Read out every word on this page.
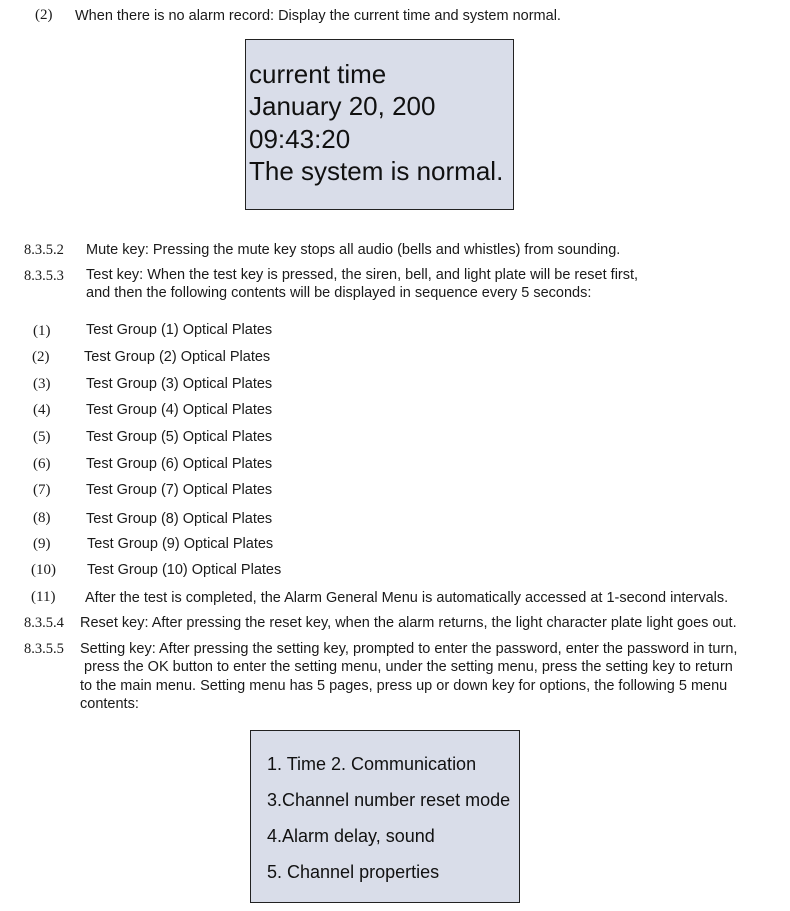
(2) When there is no alarm record: Display the current time and system normal.
current time
January 20, 200
09:43:20
The system is normal.
8.3.5.2 Mute key: Pressing the mute key stops all audio (bells and whistles) from sounding.
8.3.5.3 Test key: When the test key is pressed, the siren, bell, and light plate will be reset first,
and then the following contents will be displayed in sequence every 5 seconds:
(1) Test Group (1) Optical Plates
(2) Test Group (2) Optical Plates
(3) Test Group (3) Optical Plates
(4) Test Group (4) Optical Plates
(5) Test Group (5) Optical Plates
(6) Test Group (6) Optical Plates
(7) Test Group (7) Optical Plates
(8) Test Group (8) Optical Plates
(9)	Test Group (9) Optical Plates
(10) Test Group (10) Optical Plates
(11) After the test is completed, the Alarm General Menu is automatically accessed at 1-second intervals.
8.3.5.4 Reset key: After pressing the reset key, when the alarm returns, the light character plate light goes out.
8.3.5.5 Setting key: After pressing the setting key, prompted to enter the password, enter the password in turn,
press the OK button to enter the setting menu, under the setting menu, press the setting key to return
to the main menu. Setting menu has 5 pages, press up or down key for options, the following 5 menu
contents:
1. Time 2. Communication
3.Channel number reset mode
4.Alarm delay, sound
5. Channel properties
